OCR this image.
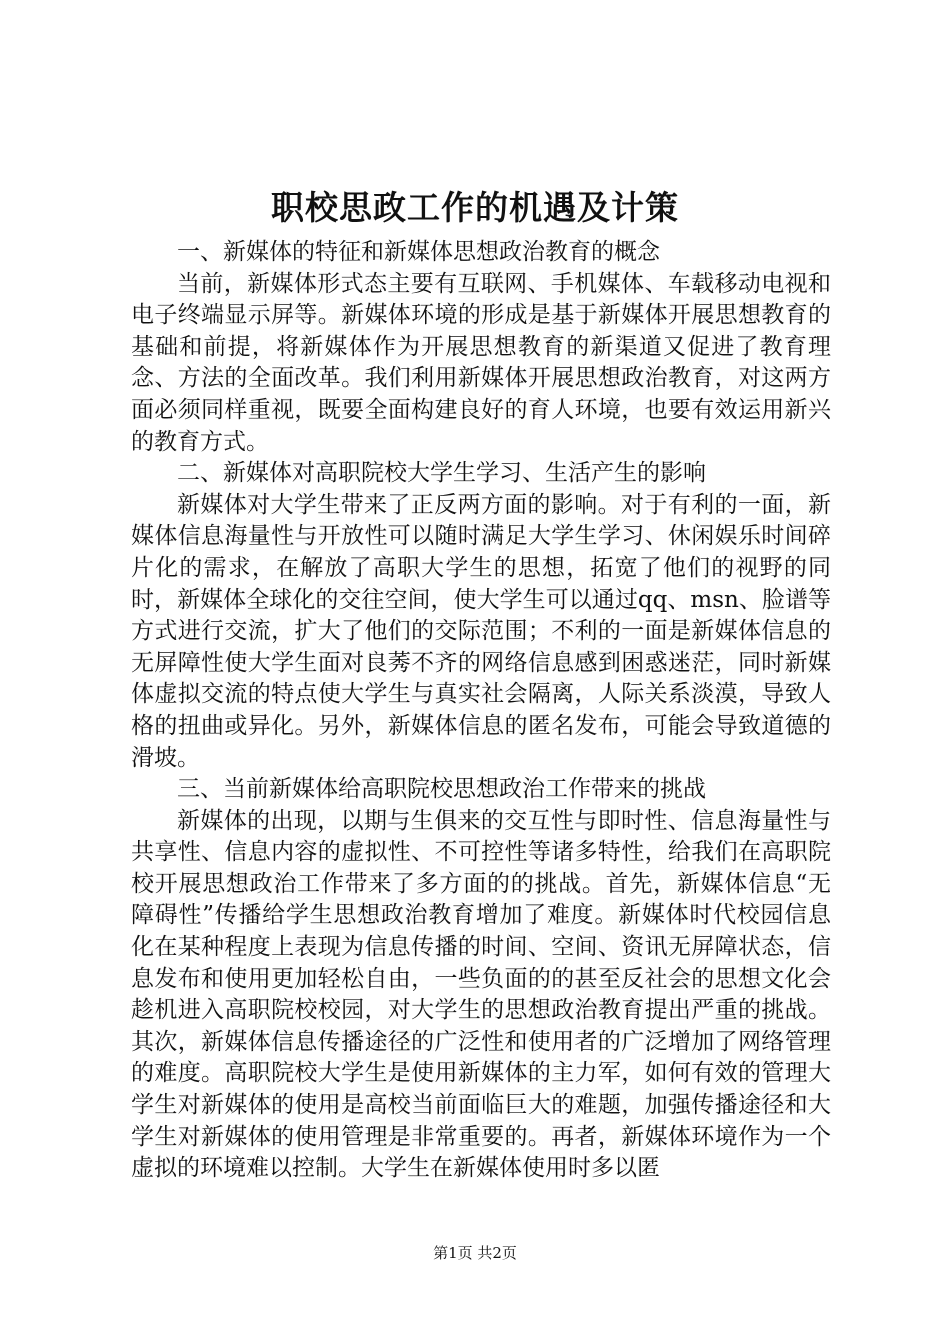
职校思政工作的机遇及计策

一、新媒体的特征和新媒体思想政治教育的概念

当前，新媒体形式态主要有互联网、手机媒体、车载移动电视和电子终端显示屏等。新媒体环境的形成是基于新媒体开展思想教育的基础和前提，将新媒体作为开展思想教育的新渠道又促进了教育理念、方法的全面改革。我们利用新媒体开展思想政治教育，对这两方面必须同样重视，既要全面构建良好的育人环境，也要有效运用新兴的教育方式。

二、新媒体对高职院校大学生学习、生活产生的影响

新媒体对大学生带来了正反两方面的影响。对于有利的一面，新媒体信息海量性与开放性可以随时满足大学生学习、休闲娱乐时间碎片化的需求，在解放了高职大学生的思想，拓宽了他们的视野的同时，新媒体全球化的交往空间，使大学生可以通过qq、msn、脸谱等方式进行交流，扩大了他们的交际范围；不利的一面是新媒体信息的无屏障性使大学生面对良莠不齐的网络信息感到困惑迷茫，同时新媒体虚拟交流的特点使大学生与真实社会隔离，人际关系淡漠，导致人格的扭曲或异化。另外，新媒体信息的匿名发布，可能会导致道德的滑坡。

三、当前新媒体给高职院校思想政治工作带来的挑战

新媒体的出现，以期与生俱来的交互性与即时性、信息海量性与共享性、信息内容的虚拟性、不可控性等诸多特性，给我们在高职院校开展思想政治工作带来了多方面的的挑战。首先，新媒体信息“无障碍性”传播给学生思想政治教育增加了难度。新媒体时代校园信息化在某种程度上表现为信息传播的时间、空间、资讯无屏障状态，信息发布和使用更加轻松自由，一些负面的的甚至反社会的思想文化会趁机进入高职院校校园，对大学生的思想政治教育提出严重的挑战。其次，新媒体信息传播途径的广泛性和使用者的广泛增加了网络管理的难度。高职院校大学生是使用新媒体的主力军，如何有效的管理大学生对新媒体的使用是高校当前面临巨大的难题，加强传播途径和大学生对新媒体的使用管理是非常重要的。再者，新媒体环境作为一个虚拟的环境难以控制。大学生在新媒体使用时多以匿

第1页 共2页
